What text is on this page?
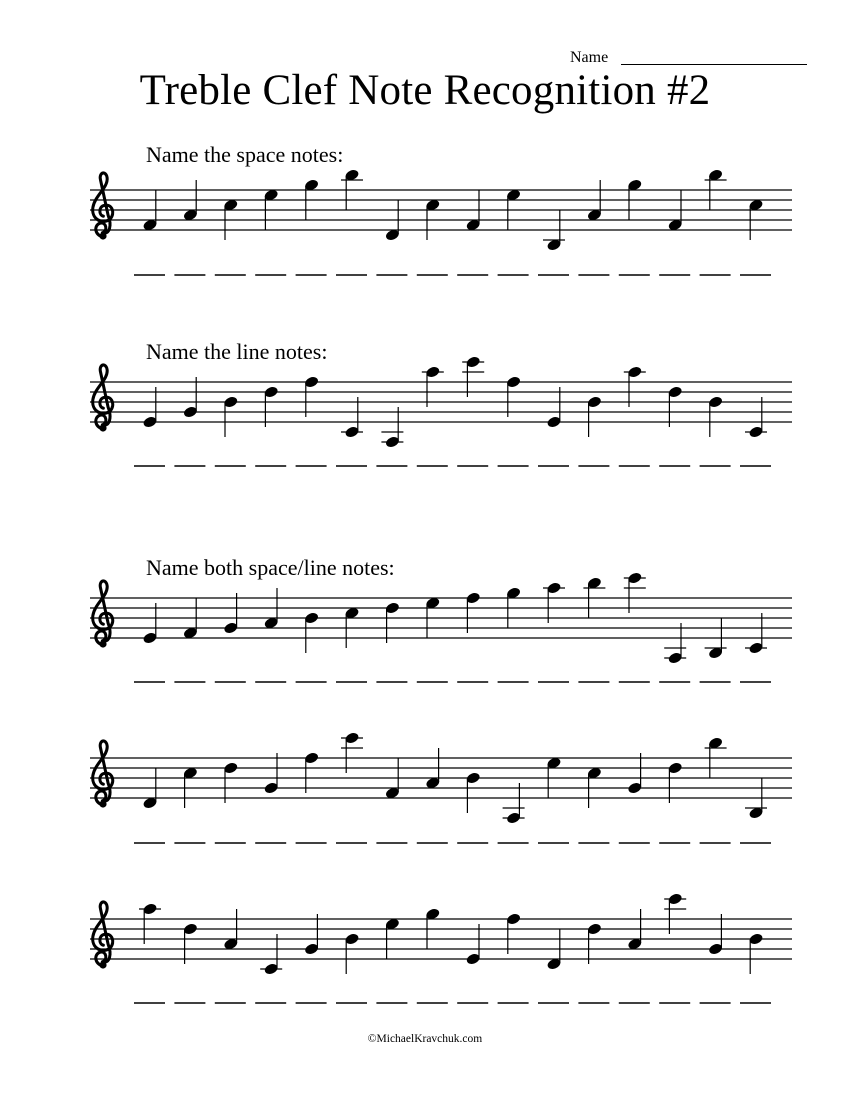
Name
Treble Clef Note Recognition #2
Name the space notes:
Name the line notes:
Name both space/line notes:
©MichaelKravchuk.com
